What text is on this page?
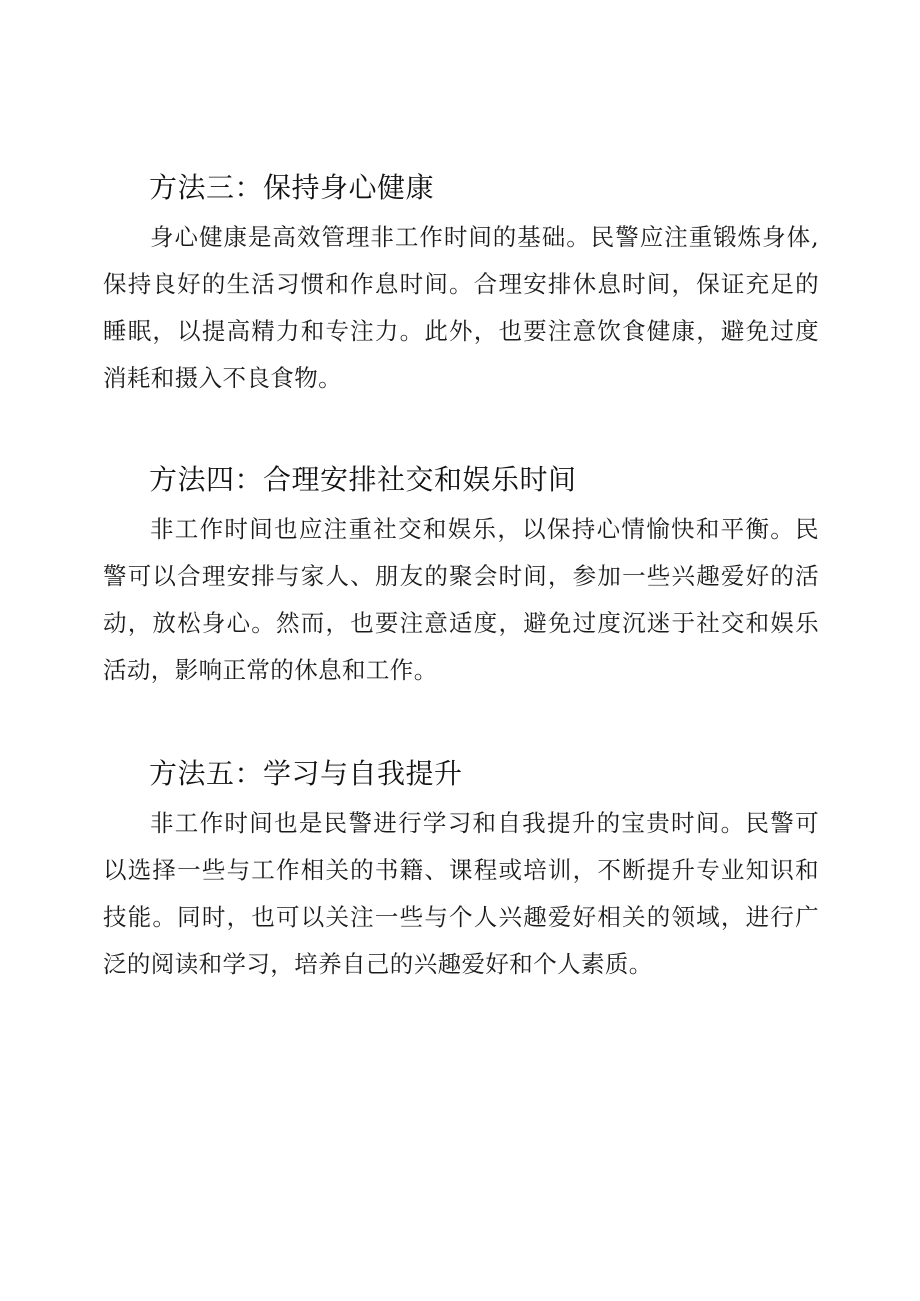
方法三：保持身心健康

身心健康是高效管理非工作时间的基础。民警应注重锻炼身体,保持良好的生活习惯和作息时间。合理安排休息时间，保证充足的睡眠，以提高精力和专注力。此外，也要注意饮食健康，避免过度消耗和摄入不良食物。

方法四：合理安排社交和娱乐时间

非工作时间也应注重社交和娱乐，以保持心情愉快和平衡。民警可以合理安排与家人、朋友的聚会时间，参加一些兴趣爱好的活动，放松身心。然而，也要注意适度，避免过度沉迷于社交和娱乐活动，影响正常的休息和工作。

方法五：学习与自我提升

非工作时间也是民警进行学习和自我提升的宝贵时间。民警可以选择一些与工作相关的书籍、课程或培训，不断提升专业知识和技能。同时，也可以关注一些与个人兴趣爱好相关的领域，进行广泛的阅读和学习，培养自己的兴趣爱好和个人素质。
